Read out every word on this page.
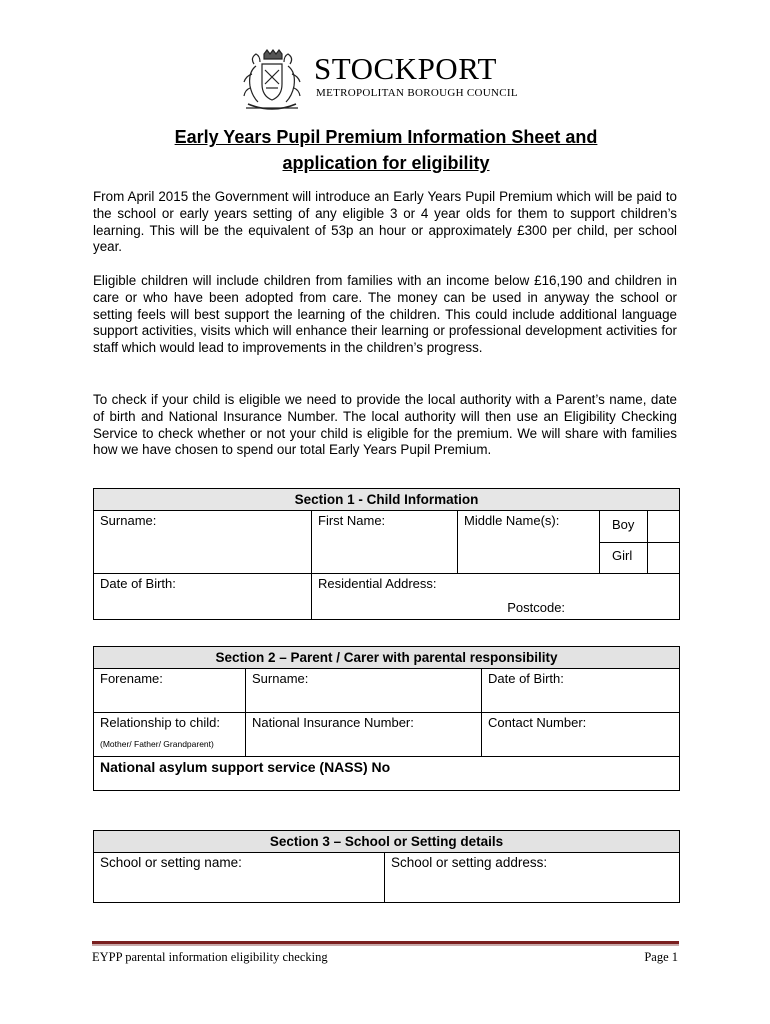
STOCKPORT
METROPOLITAN BOROUGH COUNCIL
Early Years Pupil Premium Information Sheet and
application for eligibility

From April 2015 the Government will introduce an Early Years Pupil Premium which will be paid to the school or early years setting of any eligible 3 or 4 year olds for them to support children’s learning. This will be the equivalent of 53p an hour or approximately £300 per child, per school year.

Eligible children will include children from families with an income below £16,190 and children in care or who have been adopted from care. The money can be used in anyway the school or setting feels will best support the learning of the children. This could include additional language support activities, visits which will enhance their learning or professional development activities for staff which would lead to improvements in the children’s progress.

To check if your child is eligible we need to provide the local authority with a Parent’s name, date of birth and National Insurance Number. The local authority will then use an Eligibility Checking Service to check whether or not your child is eligible for the premium. We will share with families how we have chosen to spend our total Early Years Pupil Premium.

Section 1 - Child Information				
Surname:	First Name:	Middle Name(s):	Boy	
			Girl	
Date of Birth:	Residential Address:
Postcode:			
Section 2 – Parent / Carer with parental responsibility		
Forename:	Surname:	Date of Birth:
Relationship to child:
(Mother/ Father/ Grandparent)	National Insurance Number:	Contact Number:
National asylum support service (NASS) No		
Section 3 – School or Setting details
School or setting name:	School or setting address:
EYPP parental information eligibility checking	Page 1
